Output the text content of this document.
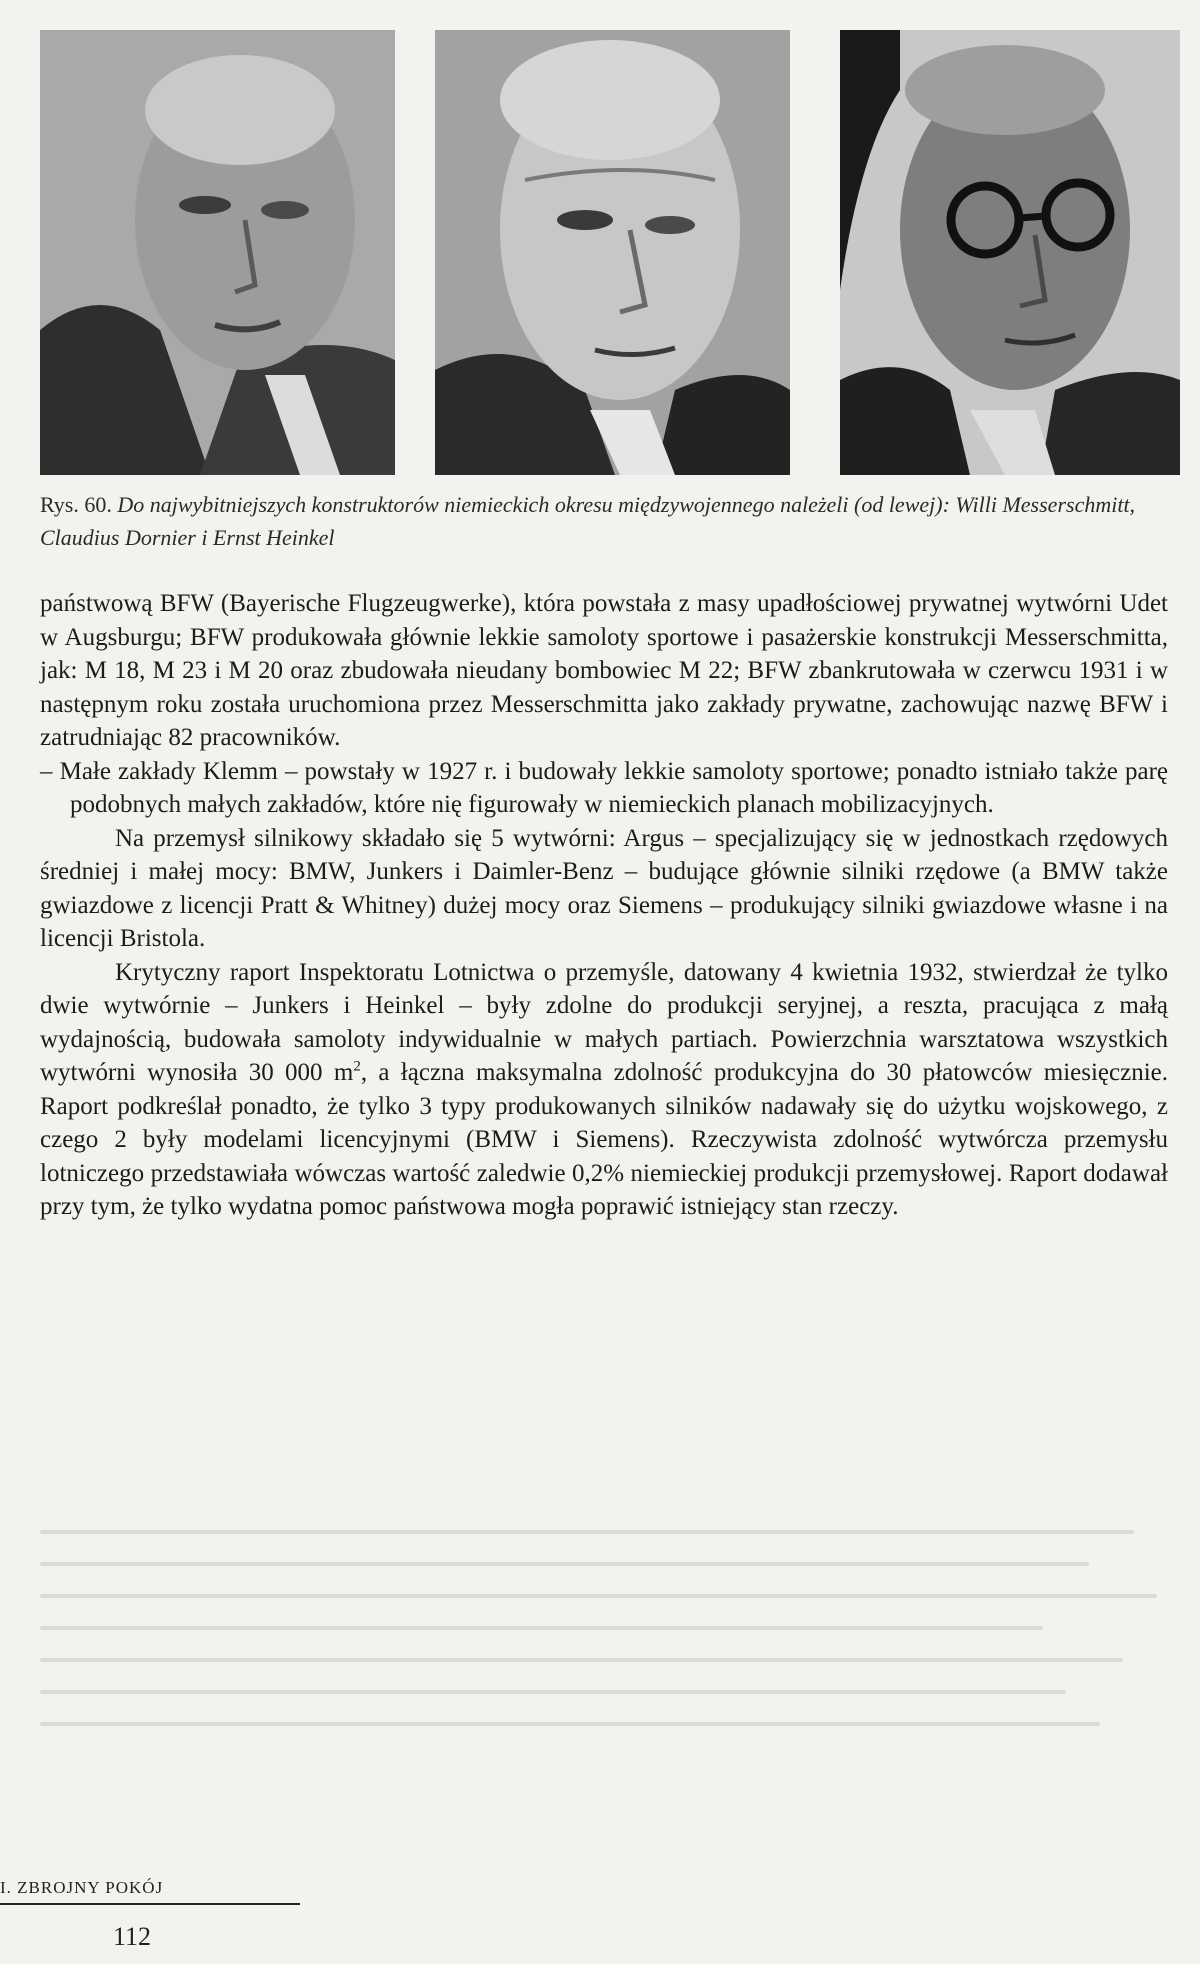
Rys. 60. Do najwybitniejszych konstruktorów niemieckich okresu międzywojennego należeli (od lewej): Willi Messerschmitt, Claudius Dornier i Ernst Heinkel

państwową BFW (Bayerische Flugzeugwerke), która powstała z masy upadłościowej prywatnej wytwórni Udet w Augsburgu; BFW produkowała głównie lekkie samoloty sportowe i pasażerskie konstrukcji Messerschmitta, jak: M 18, M 23 i M 20 oraz zbudowała nieudany bombowiec M 22; BFW zbankrutowała w czerwcu 1931 i w następnym roku została uruchomiona przez Messerschmitta jako zakłady prywatne, zachowując nazwę BFW i zatrudniając 82 pracowników.

– Małe zakłady Klemm – powstały w 1927 r. i budowały lekkie samoloty sportowe; ponadto istniało także parę podobnych małych zakładów, które nię figurowały w niemieckich planach mobilizacyjnych.

Na przemysł silnikowy składało się 5 wytwórni: Argus – specjalizujący się w jednostkach rzędowych średniej i małej mocy: BMW, Junkers i Daimler-Benz – budujące głównie silniki rzędowe (a BMW także gwiazdowe z licencji Pratt & Whitney) dużej mocy oraz Siemens – produkujący silniki gwiazdowe własne i na licencji Bristola.

Krytyczny raport Inspektoratu Lotnictwa o przemyśle, datowany 4 kwietnia 1932, stwierdzał że tylko dwie wytwórnie – Junkers i Heinkel – były zdolne do produkcji seryjnej, a reszta, pracująca z małą wydajnością, budowała samoloty indywidualnie w małych partiach. Powierzchnia warsztatowa wszystkich wytwórni wynosiła 30 000 $m^2$, a łączna maksymalna zdolność produkcyjna do 30 płatowców miesięcznie. Raport podkreślał ponadto, że tylko 3 typy produkowanych silników nadawały się do użytku wojskowego, z czego 2 były modelami licencyjnymi (BMW i Siemens). Rzeczywista zdolność wytwórcza przemysłu lotniczego przedstawiała wówczas wartość zaledwie 0,2% niemieckiej produkcji przemysłowej. Raport dodawał przy tym, że tylko wydatna pomoc państwowa mogła poprawić istniejący stan rzeczy.

I. ZBROJNY POKÓJ
112
